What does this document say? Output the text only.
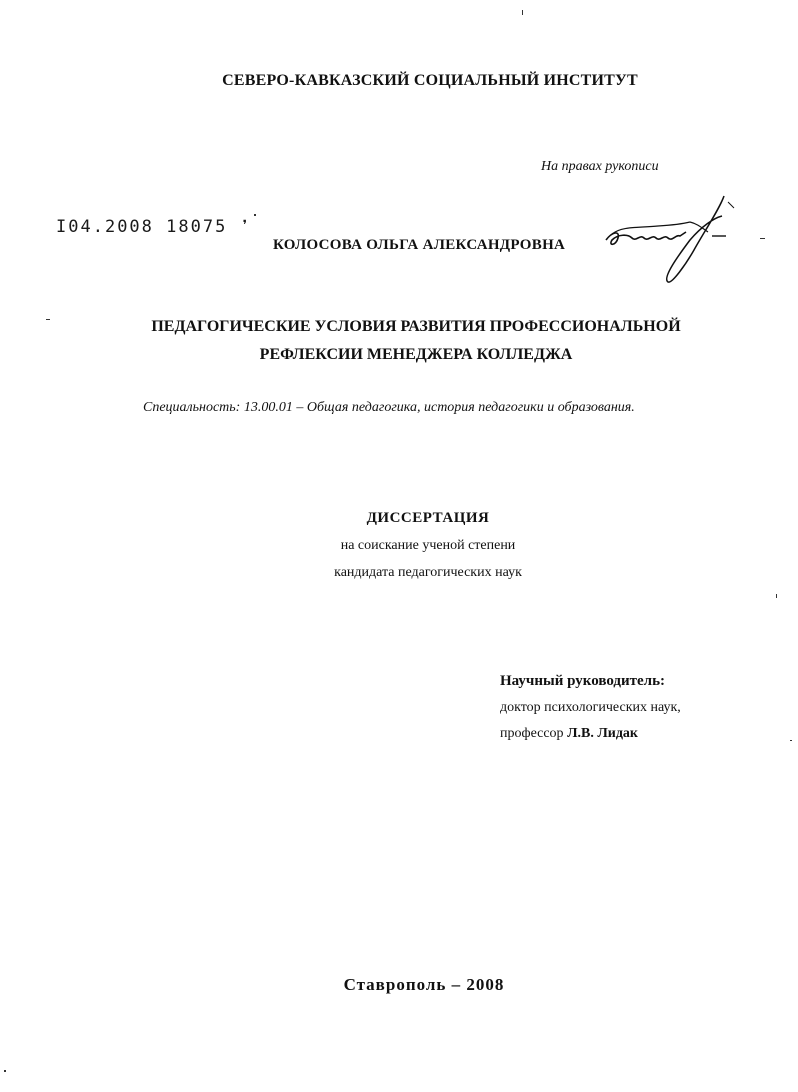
СЕВЕРО-КАВКАЗСКИЙ СОЦИАЛЬНЫЙ ИНСТИТУТ
На правах рукописи
I04.2008 18075 ❜
КОЛОСОВА ОЛЬГА АЛЕКСАНДРОВНА
ПЕДАГОГИЧЕСКИЕ УСЛОВИЯ РАЗВИТИЯ ПРОФЕССИОНАЛЬНОЙ
РЕФЛЕКСИИ МЕНЕДЖЕРА КОЛЛЕДЖА
Специальность: 13.00.01 – Общая педагогика, история педагогики и образования.
ДИССЕРТАЦИЯ
на соискание ученой степени
кандидата педагогических наук
Научный руководитель:
доктор психологических наук,
профессор Л.В. Лидак
Ставрополь – 2008
